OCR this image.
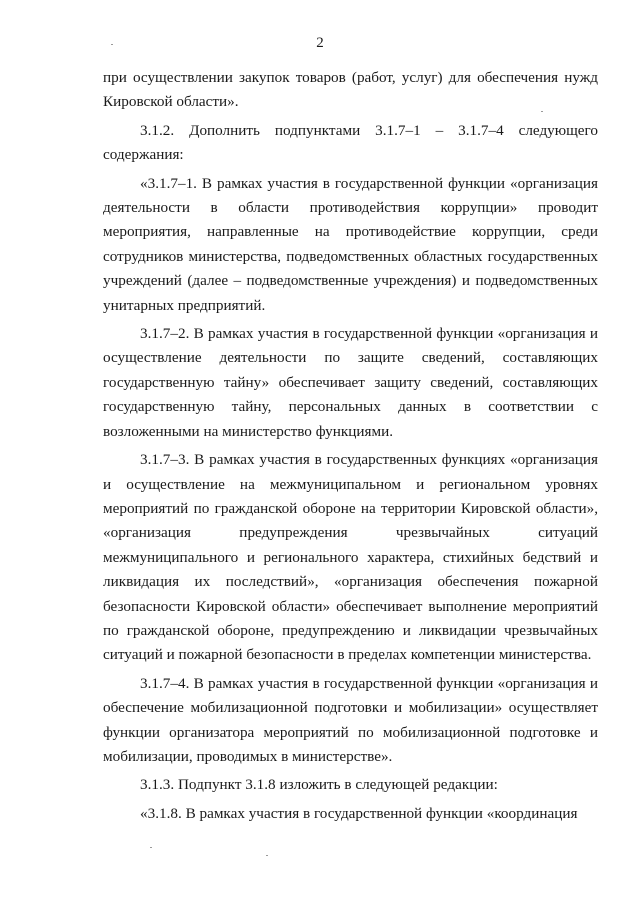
2

при осуществлении закупок товаров (работ, услуг) для обеспечения нужд Кировской области».

3.1.2. Дополнить подпунктами 3.1.7–1 – 3.1.7–4 следующего содержания:

«3.1.7–1. В рамках участия в государственной функции «организация деятельности в области противодействия коррупции» проводит мероприятия, направленные на противодействие коррупции, среди сотрудников министерства, подведомственных областных государственных учреждений (далее – подведомственные учреждения) и подведомственных унитарных предприятий.

3.1.7–2. В рамках участия в государственной функции «организация и осуществление деятельности по защите сведений, составляющих государственную тайну» обеспечивает защиту сведений, составляющих государственную тайну, персональных данных в соответствии с возложенными на министерство функциями.

3.1.7–3. В рамках участия в государственных функциях «организация и осуществление на межмуниципальном и региональном уровнях мероприятий по гражданской обороне на территории Кировской области», «организация предупреждения чрезвычайных ситуаций межмуниципального и регионального характера, стихийных бедствий и ликвидация их последствий», «организация обеспечения пожарной безопасности Кировской области» обеспечивает выполнение мероприятий по гражданской обороне, предупреждению и ликвидации чрезвычайных ситуаций и пожарной безопасности в пределах компетенции министерства.

3.1.7–4. В рамках участия в государственной функции «организация и обеспечение мобилизационной подготовки и мобилизации» осуществляет функции организатора мероприятий по мобилизационной подготовке и мобилизации, проводимых в министерстве».

3.1.3. Подпункт 3.1.8 изложить в следующей редакции:

«3.1.8. В рамках участия в государственной функции «координация
